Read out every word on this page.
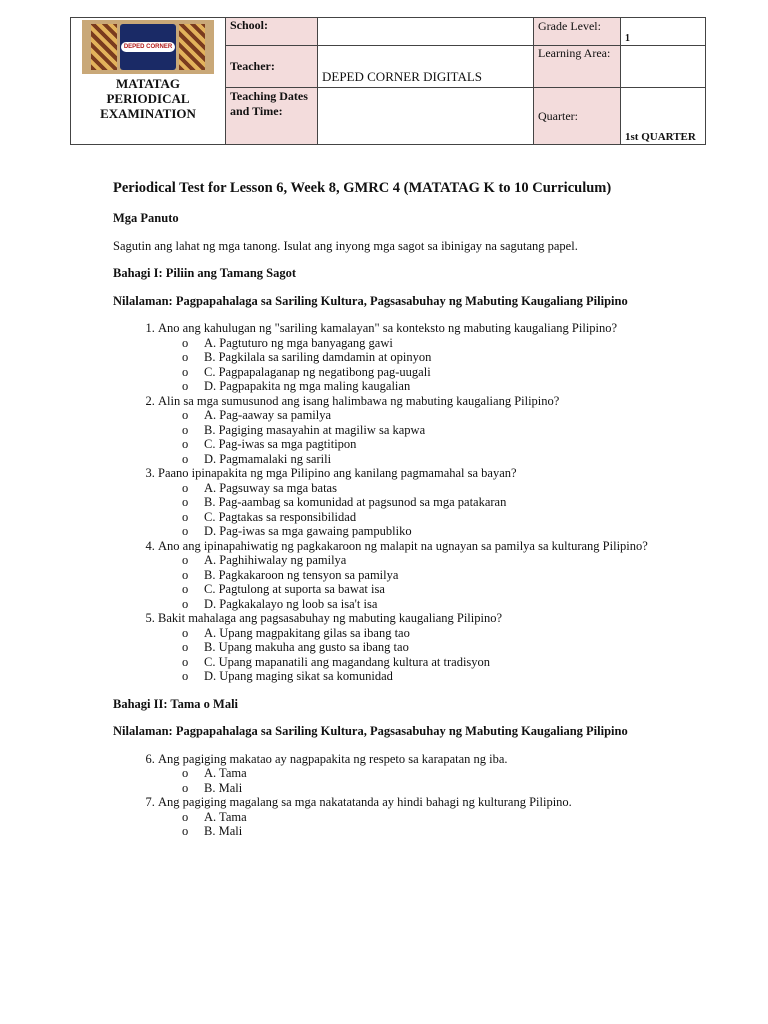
DEPED CORNER
MATATAG
PERIODICAL
EXAMINATION	School:		Grade Level:	1
	Teacher:	DEPED CORNER DIGITALS	Learning Area:	
	Teaching Dates and Time:		Quarter:	1st QUARTER
Periodical Test for Lesson 6, Week 8, GMRC 4 (MATATAG K to 10 Curriculum)
Mga Panuto
Sagutin ang lahat ng mga tanong. Isulat ang inyong mga sagot sa ibinigay na sagutang papel.
Bahagi I: Piliin ang Tamang Sagot
Nilalaman: Pagpapahalaga sa Sariling Kultura, Pagsasabuhay ng Mabuting Kaugaliang Pilipino
1. Ano ang kahulugan ng "sariling kamalayan" sa konteksto ng mabuting kaugaliang Pilipino?
o A. Pagtuturo ng mga banyagang gawi
o B. Pagkilala sa sariling damdamin at opinyon
o C. Pagpapalaganap ng negatibong pag-uugali
o D. Pagpapakita ng mga maling kaugalian
2. Alin sa mga sumusunod ang isang halimbawa ng mabuting kaugaliang Pilipino?
o A. Pag-aaway sa pamilya
o B. Pagiging masayahin at magiliw sa kapwa
o C. Pag-iwas sa mga pagtitipon
o D. Pagmamalaki ng sarili
3. Paano ipinapakita ng mga Pilipino ang kanilang pagmamahal sa bayan?
o A. Pagsuway sa mga batas
o B. Pag-aambag sa komunidad at pagsunod sa mga patakaran
o C. Pagtakas sa responsibilidad
o D. Pag-iwas sa mga gawaing pampubliko
4. Ano ang ipinapahiwatig ng pagkakaroon ng malapit na ugnayan sa pamilya sa kulturang Pilipino?
o A. Paghihiwalay ng pamilya
o B. Pagkakaroon ng tensyon sa pamilya
o C. Pagtulong at suporta sa bawat isa
o D. Pagkakalayo ng loob sa isa't isa
5. Bakit mahalaga ang pagsasabuhay ng mabuting kaugaliang Pilipino?
o A. Upang magpakitang gilas sa ibang tao
o B. Upang makuha ang gusto sa ibang tao
o C. Upang mapanatili ang magandang kultura at tradisyon
o D. Upang maging sikat sa komunidad
Bahagi II: Tama o Mali
Nilalaman: Pagpapahalaga sa Sariling Kultura, Pagsasabuhay ng Mabuting Kaugaliang Pilipino
6. Ang pagiging makatao ay nagpapakita ng respeto sa karapatan ng iba.
o A. Tama
o B. Mali
7. Ang pagiging magalang sa mga nakatatanda ay hindi bahagi ng kulturang Pilipino.
o A. Tama
o B. Mali
